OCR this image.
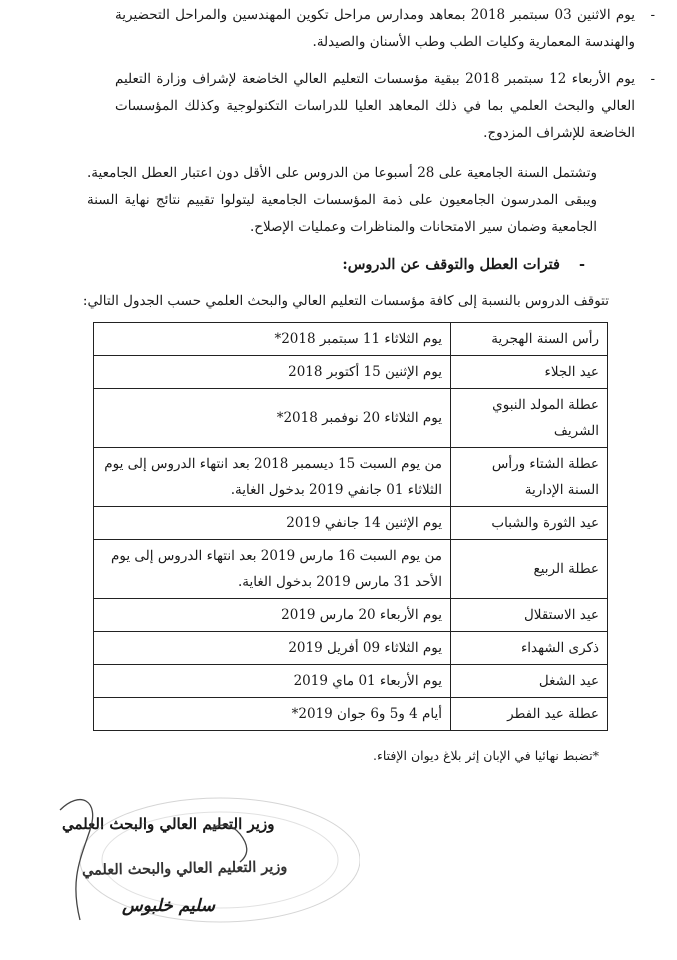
-
يوم الاثنين 03 سبتمبر 2018 بمعاهد ومدارس مراحل تكوين المهندسين والمراحل التحضيرية والهندسة المعمارية وكليات الطب وطب الأسنان والصيدلة.
-
يوم الأربعاء 12 سبتمبر 2018 ببقية مؤسسات التعليم العالي الخاضعة لإشراف وزارة التعليم العالي والبحث العلمي بما في ذلك المعاهد العليا للدراسات التكنولوجية وكذلك المؤسسات الخاضعة للإشراف المزدوج.
وتشتمل السنة الجامعية على 28 أسبوعا من الدروس على الأقل دون اعتبار العطل الجامعية. ويبقى المدرسون الجامعيون على ذمة المؤسسات الجامعية ليتولوا تقييم نتائج نهاية السنة الجامعية وضمان سير الامتحانات والمناظرات وعمليات الإصلاح.
- فترات العطل والتوقف عن الدروس:
تتوقف الدروس بالنسبة إلى كافة مؤسسات التعليم العالي والبحث العلمي حسب الجدول التالي:
رأس السنة الهجرية	يوم الثلاثاء 11 سبتمبر 2018*
عيد الجلاء	يوم الإثنين 15 أكتوبر 2018
عطلة المولد النبوي الشريف	يوم الثلاثاء 20 نوفمبر 2018*
عطلة الشتاء ورأس السنة الإدارية	من يوم السبت 15 ديسمبر 2018 بعد انتهاء الدروس إلى يوم الثلاثاء 01 جانفي 2019 بدخول الغاية.
عيد الثورة والشباب	يوم الإثنين 14 جانفي 2019
عطلة الربيع	من يوم السبت 16 مارس 2019 بعد انتهاء الدروس إلى يوم الأحد 31 مارس 2019 بدخول الغاية.
عيد الاستقلال	يوم الأربعاء 20 مارس 2019
ذكرى الشهداء	يوم الثلاثاء 09 أفريل 2019
عيد الشغل	يوم الأربعاء 01 ماي 2019
عطلة عيد الفطر	أيام 4 و5 و6 جوان 2019*
*تضبط نهائيا في الإبان إثر بلاغ ديوان الإفتاء.
وزير التعليم العالي والبحث العلمي
وزير التعليم العالي والبحث العلمي
سليم خلبوس
